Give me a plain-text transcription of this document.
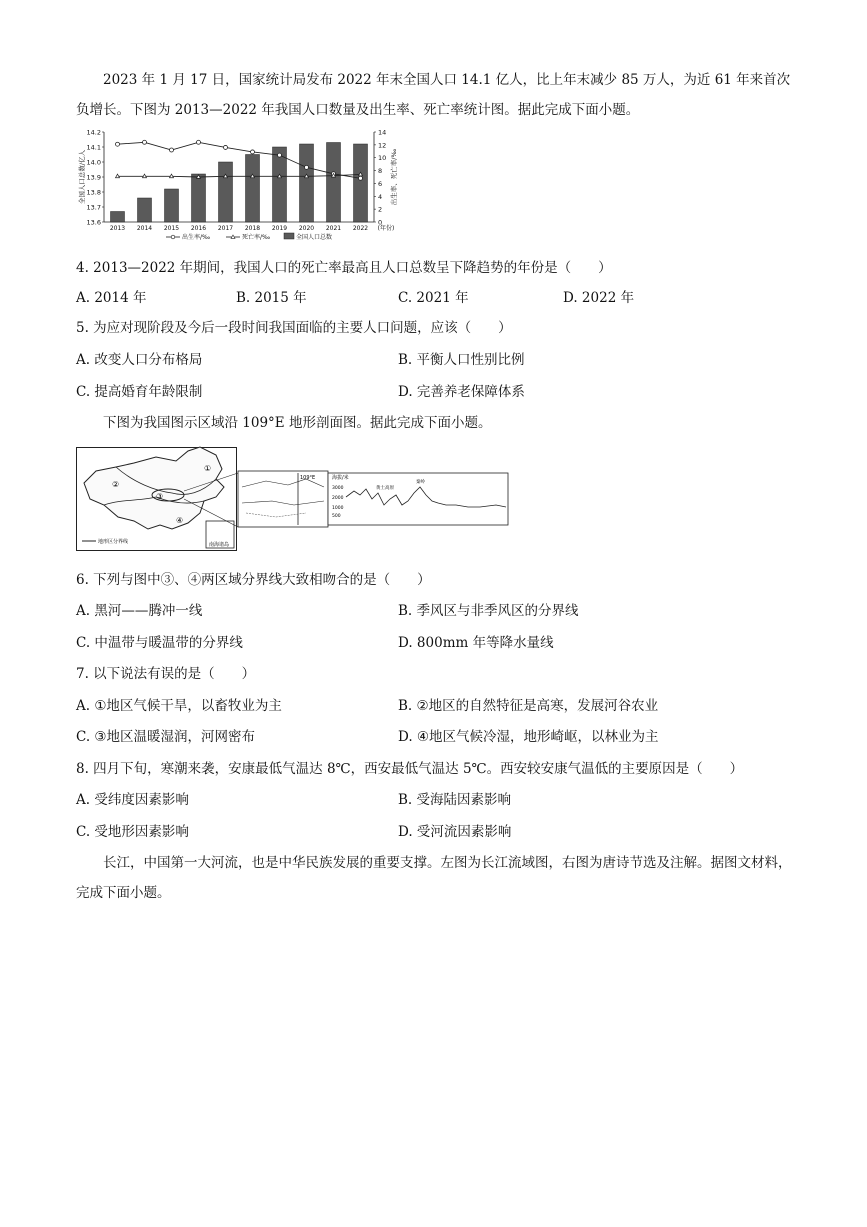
2023 年 1 月 17 日，国家统计局发布 2022 年末全国人口 14.1 亿人，比上年末减少 85 万人，为近 61 年来首次负增长。下图为 2013—2022 年我国人口数量及出生率、死亡率统计图。据此完成下面小题。
14.2
14.1
14.0
13.9
13.8
13.7
13.6
14
12
10
8
6
4
2
0
全国人口总数/亿人	出生率、死亡率/‰
2013 2014 2015 2016 2017 2018 2019 2020 2021 2022 (年份)
出生率/‰	死亡率/‰	全国人口总数
4. 2013—2022 年期间，我国人口的死亡率最高且人口总数呈下降趋势的年份是（　　）
A. 2014 年	B. 2015 年	C. 2021 年	D. 2022 年
5. 为应对现阶段及今后一段时间我国面临的主要人口问题，应该（　　）
A. 改变人口分布格局	B. 平衡人口性别比例
C. 提高婚育年龄限制	D. 完善养老保障体系
下图为我国图示区域沿 109°E 地形剖面图。据此完成下面小题。
①
②
③
④
南海诸岛
地形区分界线
109°E	海拔/米
3000
2000
1000
500
黄土高原
秦岭
6. 下列与图中③、④两区域分界线大致相吻合的是（　　）
A. 黑河——腾冲一线	B. 季风区与非季风区的分界线
C. 中温带与暖温带的分界线	D. 800mm 年等降水量线
7. 以下说法有误的是（　　）
A. ①地区气候干旱，以畜牧业为主	B. ②地区的自然特征是高寒，发展河谷农业
C. ③地区温暖湿润，河网密布	D. ④地区气候冷湿，地形崎岖，以林业为主
8. 四月下旬，寒潮来袭，安康最低气温达 8℃，西安最低气温达 5℃。西安较安康气温低的主要原因是（　　）
A. 受纬度因素影响	B. 受海陆因素影响
C. 受地形因素影响	D. 受河流因素影响
长江，中国第一大河流，也是中华民族发展的重要支撑。左图为长江流域图，右图为唐诗节选及注解。据图文材料，完成下面小题。
